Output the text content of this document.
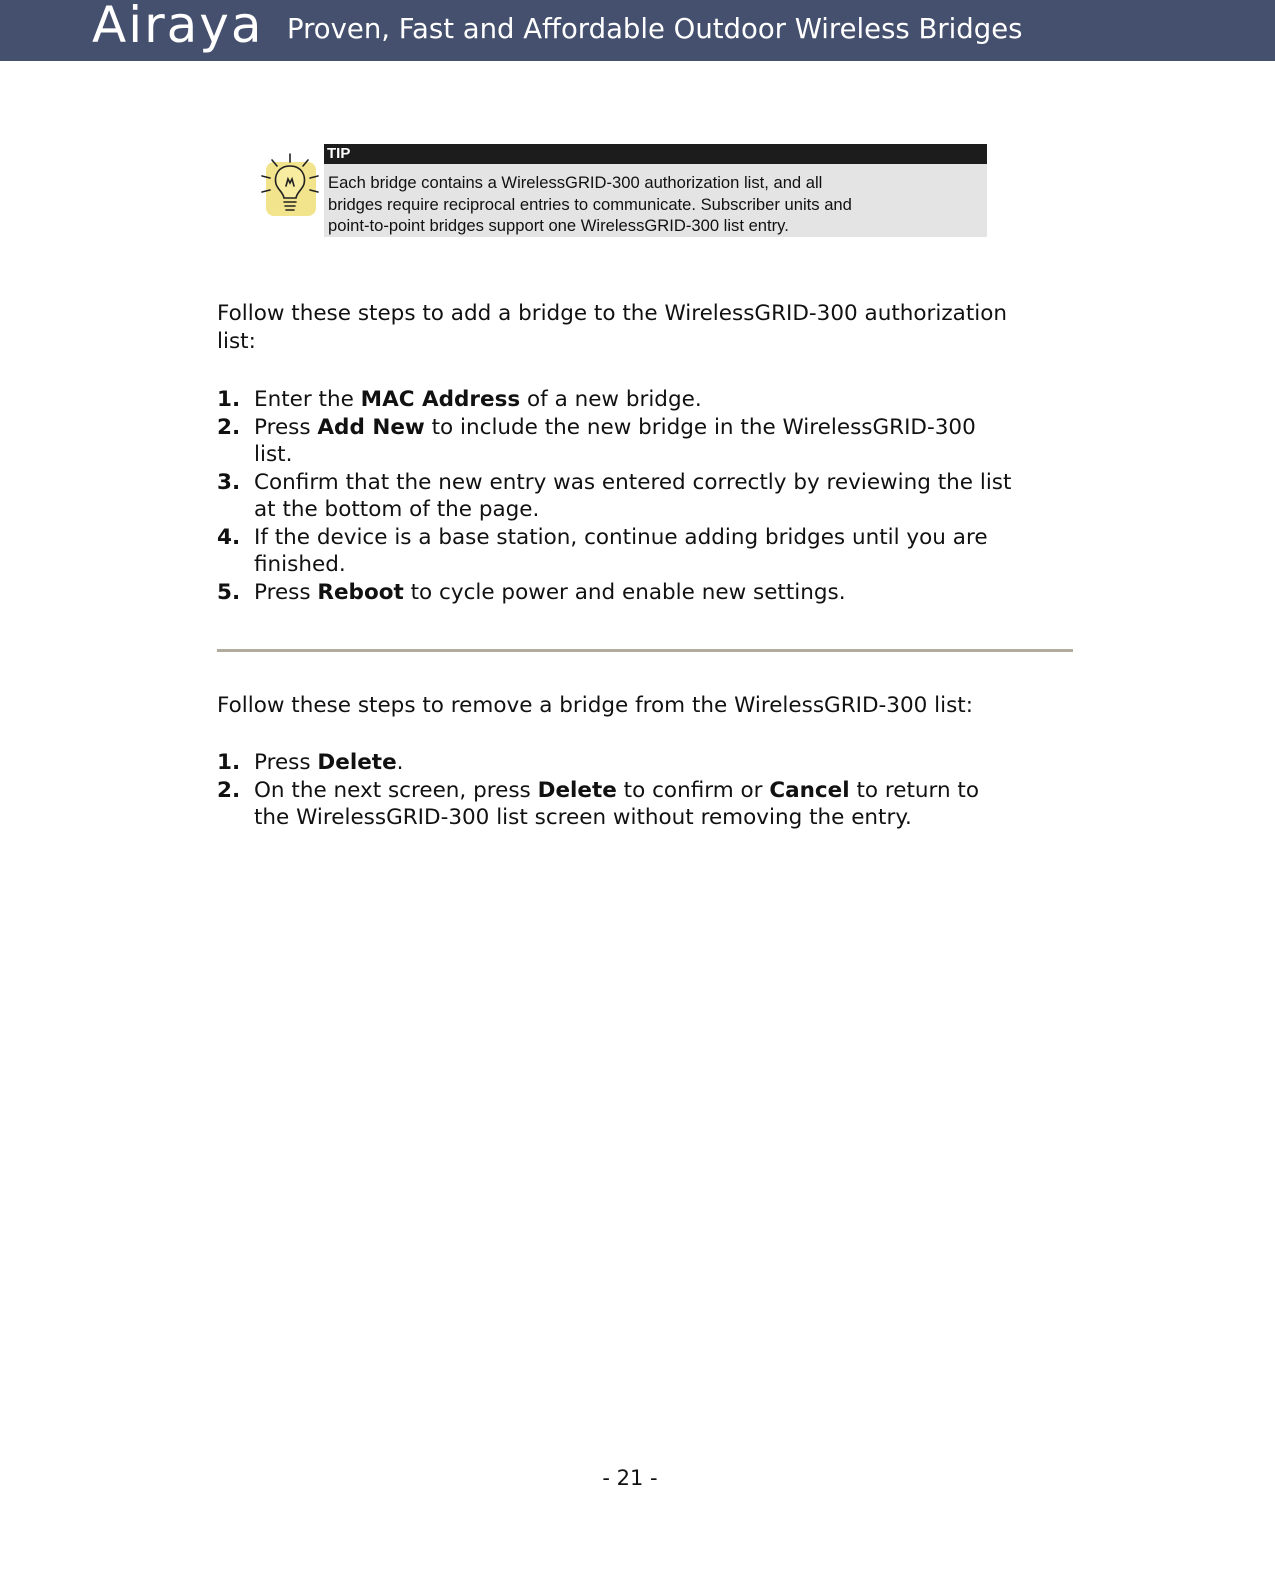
Airaya Proven, Fast and Affordable Outdoor Wireless Bridges
TIP
Each bridge contains a WirelessGRID-300 authorization list, and all
bridges require reciprocal entries to communicate. Subscriber units and
point-to-point bridges support one WirelessGRID-300 list entry.
Follow these steps to add a bridge to the WirelessGRID-300 authorization
list:
1. Enter the MAC Address of a new bridge.
2. Press Add New to include the new bridge in the WirelessGRID-300
list.
3. Confirm that the new entry was entered correctly by reviewing the list
at the bottom of the page.
4. If the device is a base station, continue adding bridges until you are
finished.
5. Press Reboot to cycle power and enable new settings.
Follow these steps to remove a bridge from the WirelessGRID-300 list:
1. Press Delete.
2. On the next screen, press Delete to confirm or Cancel to return to
the WirelessGRID-300 list screen without removing the entry.
- 21 -
